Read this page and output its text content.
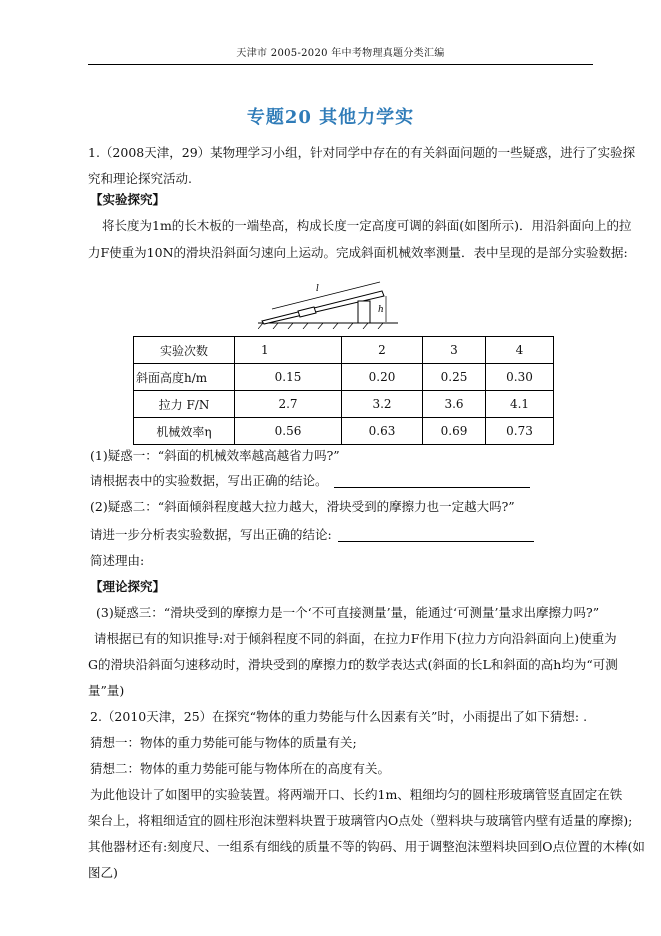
天津市 2005-2020 年中考物理真题分类汇编
专题20 其他力学实
1.（2008天津，29）某物理学习小组，针对同学中存在的有关斜面问题的一些疑惑，进行了实验探
究和理论探究活动.
【实验探究】
将长度为1m的长木板的一端垫高，构成长度一定高度可调的斜面(如图所示)．用沿斜面向上的拉
力F使重为10N的滑块沿斜面匀速向上运动。完成斜面机械效率测量．表中呈现的是部分实验数据:
l
h
实验次数	1	2	3	4
斜面高度h/m	0.15	0.20	0.25	0.30
拉力 F/N	2.7	3.2	3.6	4.1
机械效率η	0.56	0.63	0.69	0.73
(1)疑惑一：“斜面的机械效率越高越省力吗?”
请根据表中的实验数据，写出正确的结论。
(2)疑惑二：“斜面倾斜程度越大拉力越大，滑块受到的摩擦力也一定越大吗?”
请进一步分析表实验数据，写出正确的结论:
简述理由:
【理论探究】
(3)疑惑三：“滑块受到的摩擦力是一个‘不可直接测量’量，能通过‘可测量’量求出摩擦力吗?”
请根据已有的知识推导:对于倾斜程度不同的斜面，在拉力F作用下(拉力方向沿斜面向上)使重为
G的滑块沿斜面匀速移动时，滑块受到的摩擦力f的数学表达式(斜面的长L和斜面的高h均为“可测
量”量)
2.（2010天津，25）在探究“物体的重力势能与什么因素有关”时，小雨提出了如下猜想: .
猜想一：物体的重力势能可能与物体的质量有关;
猜想二：物体的重力势能可能与物体所在的高度有关。
为此他设计了如图甲的实验装置。将两端开口、长约1m、粗细均匀的圆柱形玻璃管竖直固定在铁
架台上，将粗细适宜的圆柱形泡沫塑料块置于玻璃管内O点处（塑料块与玻璃管内壁有适量的摩擦);
其他器材还有:刻度尺、一组系有细线的质量不等的钩码、用于调整泡沫塑料块回到O点位置的木棒(如
图乙)
